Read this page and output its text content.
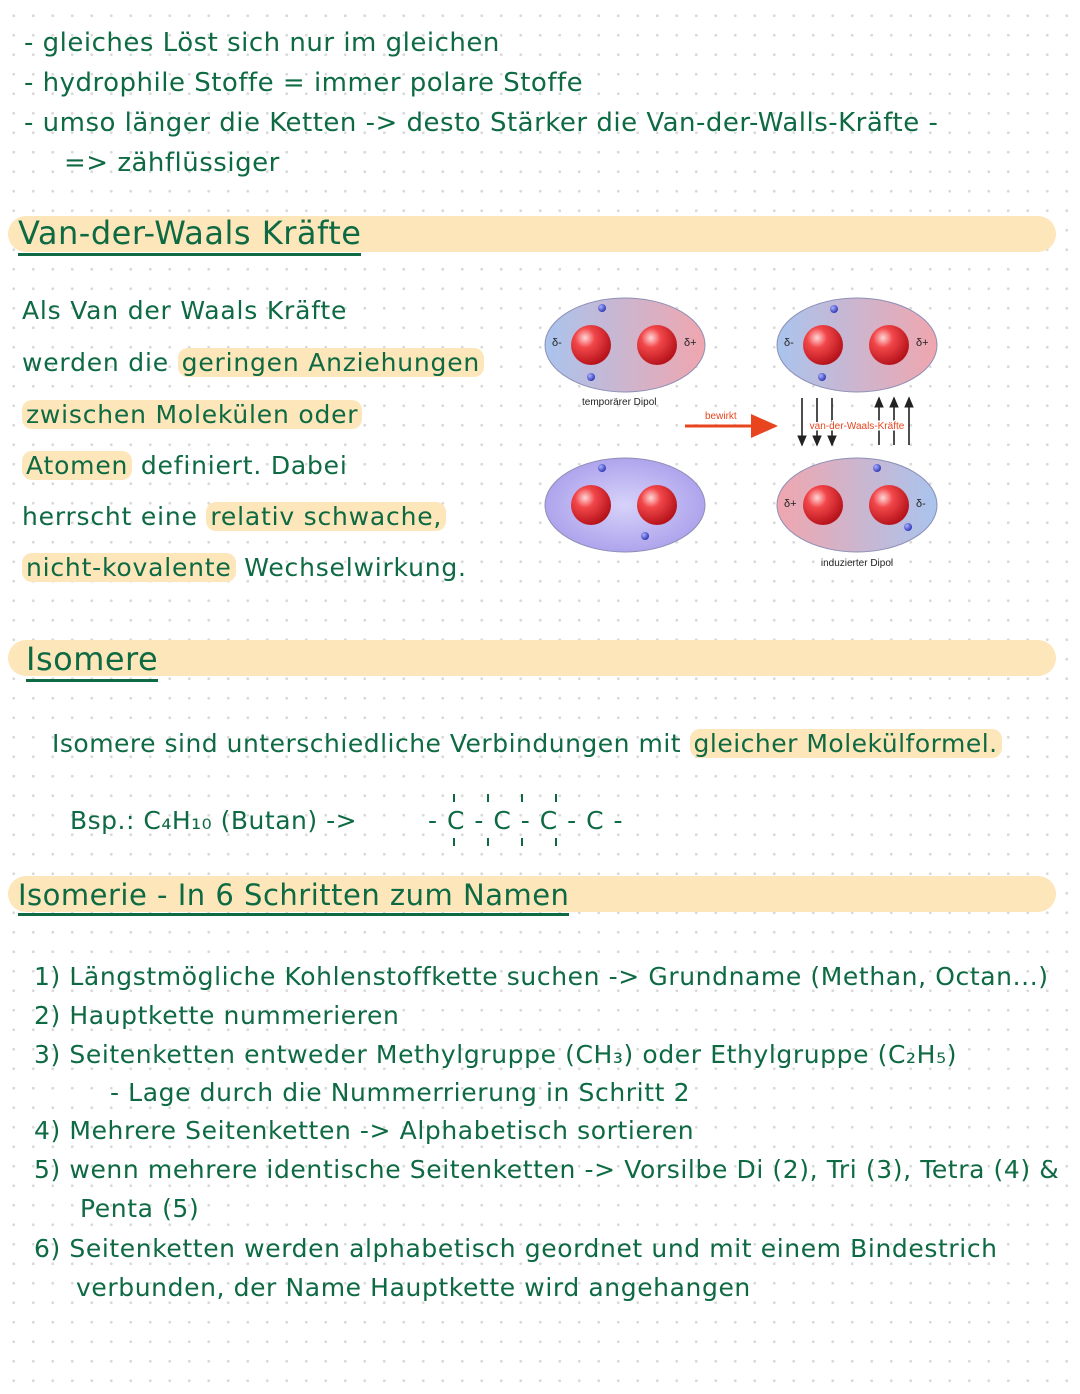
- gleiches Löst sich nur im gleichen
- hydrophile Stoffe = immer polare Stoffe
- umso länger die Ketten -> desto Stärker die Van-der-Walls-Kräfte -
=> zähflüssiger
Van-der-Waals Kräfte
Als Van der Waals Kräfte
werden die geringen Anziehungen
zwischen Molekülen oder
Atomen definiert. Dabei
herrscht eine relativ schwache,
nicht-kovalente Wechselwirkung.
δ-	δ+
temporärer Dipol
bewirkt
δ-	δ+
van-der-Waals-Kräfte
δ+	δ-
induzierter Dipol
Isomere
Isomere sind unterschiedliche Verbindungen mit gleicher Molekülformel.
Bsp.: C₄H₁₀ (Butan) ->	- C - C - C - C -
Isomerie - In 6 Schritten zum Namen
1) Längstmögliche Kohlenstoffkette suchen -> Grundname (Methan, Octan...)
2) Hauptkette nummerieren
3) Seitenketten entweder Methylgruppe (CH₃) oder Ethylgruppe (C₂H₅)
- Lage durch die Nummerrierung in Schritt 2
4) Mehrere Seitenketten -> Alphabetisch sortieren
5) wenn mehrere identische Seitenketten -> Vorsilbe Di (2), Tri (3), Tetra (4) &
Penta (5)
6) Seitenketten werden alphabetisch geordnet und mit einem Bindestrich
verbunden, der Name Hauptkette wird angehangen
